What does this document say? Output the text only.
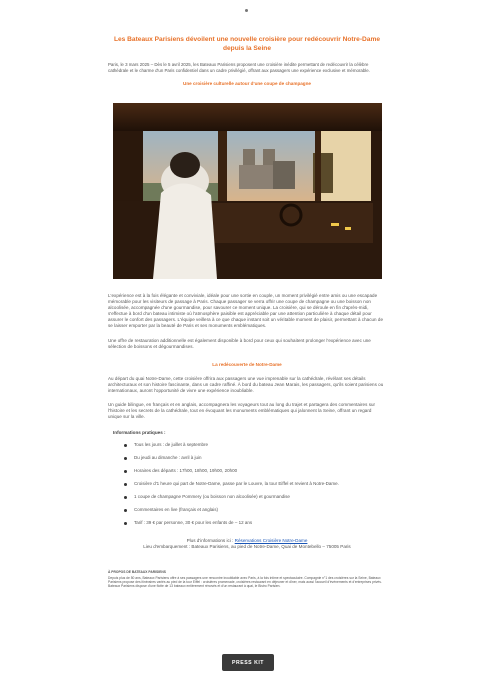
Les Bateaux Parisiens dévoilent une nouvelle croisière pour redécouvrir Notre-Dame depuis la Seine
Paris, le 3 mars 2025 – Dès le 5 avril 2025, les Bateaux Parisiens proposent une croisière inédite permettant de redécouvrir la célèbre cathédrale et le charme d'un Paris confidentiel dans un cadre privilégié, offrant aux passagers une expérience exclusive et mémorable.
Une croisière culturelle autour d'une coupe de champagne
L'expérience est à la fois élégante et conviviale, idéale pour une sortie en couple, un moment privilégié entre amis ou une escapade mémorable pour les visiteurs de passage à Paris. Chaque passager se verra offrir une coupe de champagne ou une boisson non alcoolisée, accompagnée d'une gourmandise, pour savourer ce moment unique. La croisière, qui se déroule en fin d'après-midi, s'effectue à bord d'un bateau intimiste où l'atmosphère paisible est appréciable par une attention particulière à chaque détail pour assurer le confort des passagers. L'équipe veillera à ce que chaque instant soit un véritable moment de plaisir, permettant à chacun de se laisser emporter par la beauté de Paris et ses monuments emblématiques.
Une offre de restauration additionnelle est également disponible à bord pour ceux qui souhaitent prolonger l'expérience avec une sélection de boissons et dégourmandises.
La redécouverte de Notre-Dame
Au départ du quai Notre-Dame, cette croisière offrira aux passagers une vue imprenable sur la cathédrale, révélant ses détails architecturaux et son histoire fascinante, dans un cadre raffiné. À bord du bateau Jean Marais, les passagers, qu'ils soient parisiens ou internationaux, auront l'opportunité de vivre une expérience inoubliable.
Un guide bilingue, en français et en anglais, accompagnera les voyageurs tout au long du trajet et partagera des commentaires sur l'histoire et les secrets de la cathédrale, tout en évoquant les monuments emblématiques qui jalonnent la Seine, offrant un regard unique sur la ville.
Informations pratiques :
Tous les jours : de juillet à septembre
Du jeudi au dimanche : avril à juin
Horaires des départs : 17h00, 18h00, 19h00, 20h00
Croisière d'1 heure qui part de Notre-Dame, passe par le Louvre, la tour Eiffel et revient à Notre-Dame.
1 coupe de champagne Pommery (ou boisson non alcoolisée) et gourmandise
Commentaires en live (français et anglais)
Tarif : 39 € par personne, 30 € pour les enfants de – 12 ans
Plus d'informations ici : Réservations Croisière Notre-Dame
Lieu d'embarquement : Bateaux Parisiens, au pied de Notre-Dame, Quai de Montebello – 75005 Paris
À PROPOS DE BATEAUX PARISIENS
Depuis plus de 50 ans, Bateaux Parisiens offre à ses passagers une rencontre inoubliable avec Paris, à la fois intime et spectaculaire. Compagnie n°1 des croisières sur la Seine, Bateaux Parisiens propose des itinéraires variés au pied de la tour Eiffel : croisières promenade, croisières restaurant en déjeuner et dîner, mais aussi l'accueil d'événements et d'entreprises privés. Bateaux Parisiens dispose d'une flotte de 13 bateaux entièrement rénovés et d'un restaurant à quai, le Bistro Parisien.
PRESS KIT
